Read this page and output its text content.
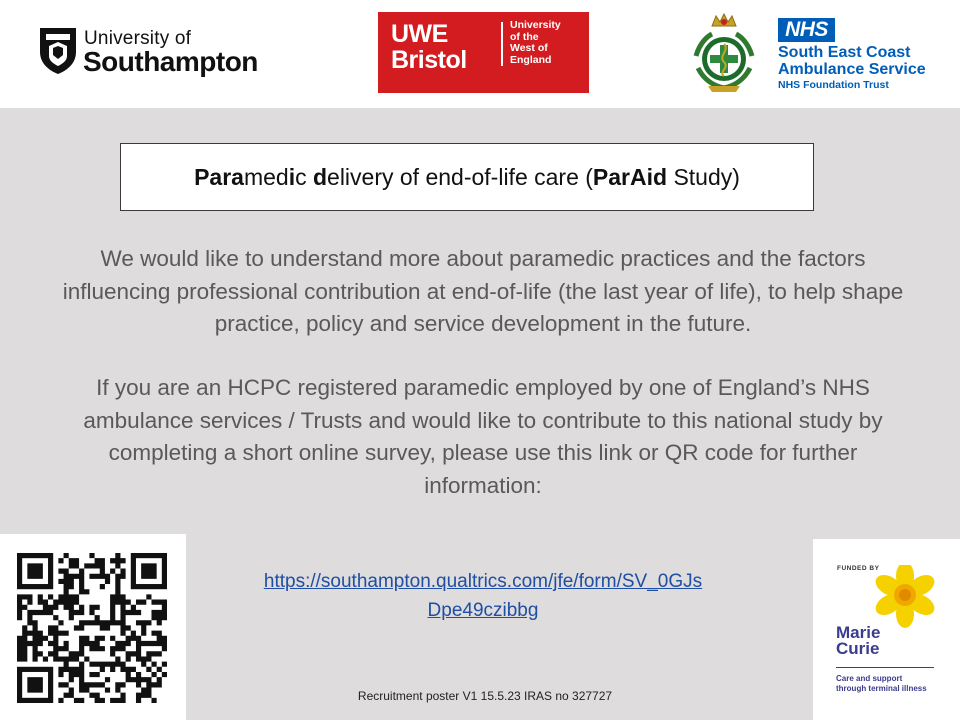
University of
Southampton
UWE
Bristol
University
of the
West of
England
NHS
South East Coast
Ambulance Service
NHS Foundation Trust
Paramedic delivery of end-of-life care (ParAid Study)
We would like to understand more about paramedic practices and the factors influencing professional contribution at end-of-life (the last year of life), to help shape practice, policy and service development in the future.
If you are an HCPC registered paramedic employed by one of England’s NHS ambulance services / Trusts and would like to contribute to this national study by completing a short online survey, please use this link or QR code for further information:
https://southampton.qualtrics.com/jfe/form/SV_0GJs
Dpe49czibbg
Recruitment poster V1 15.5.23 IRAS no 327727
FUNDED BY
Marie
Curie
Care and support
through terminal illness
